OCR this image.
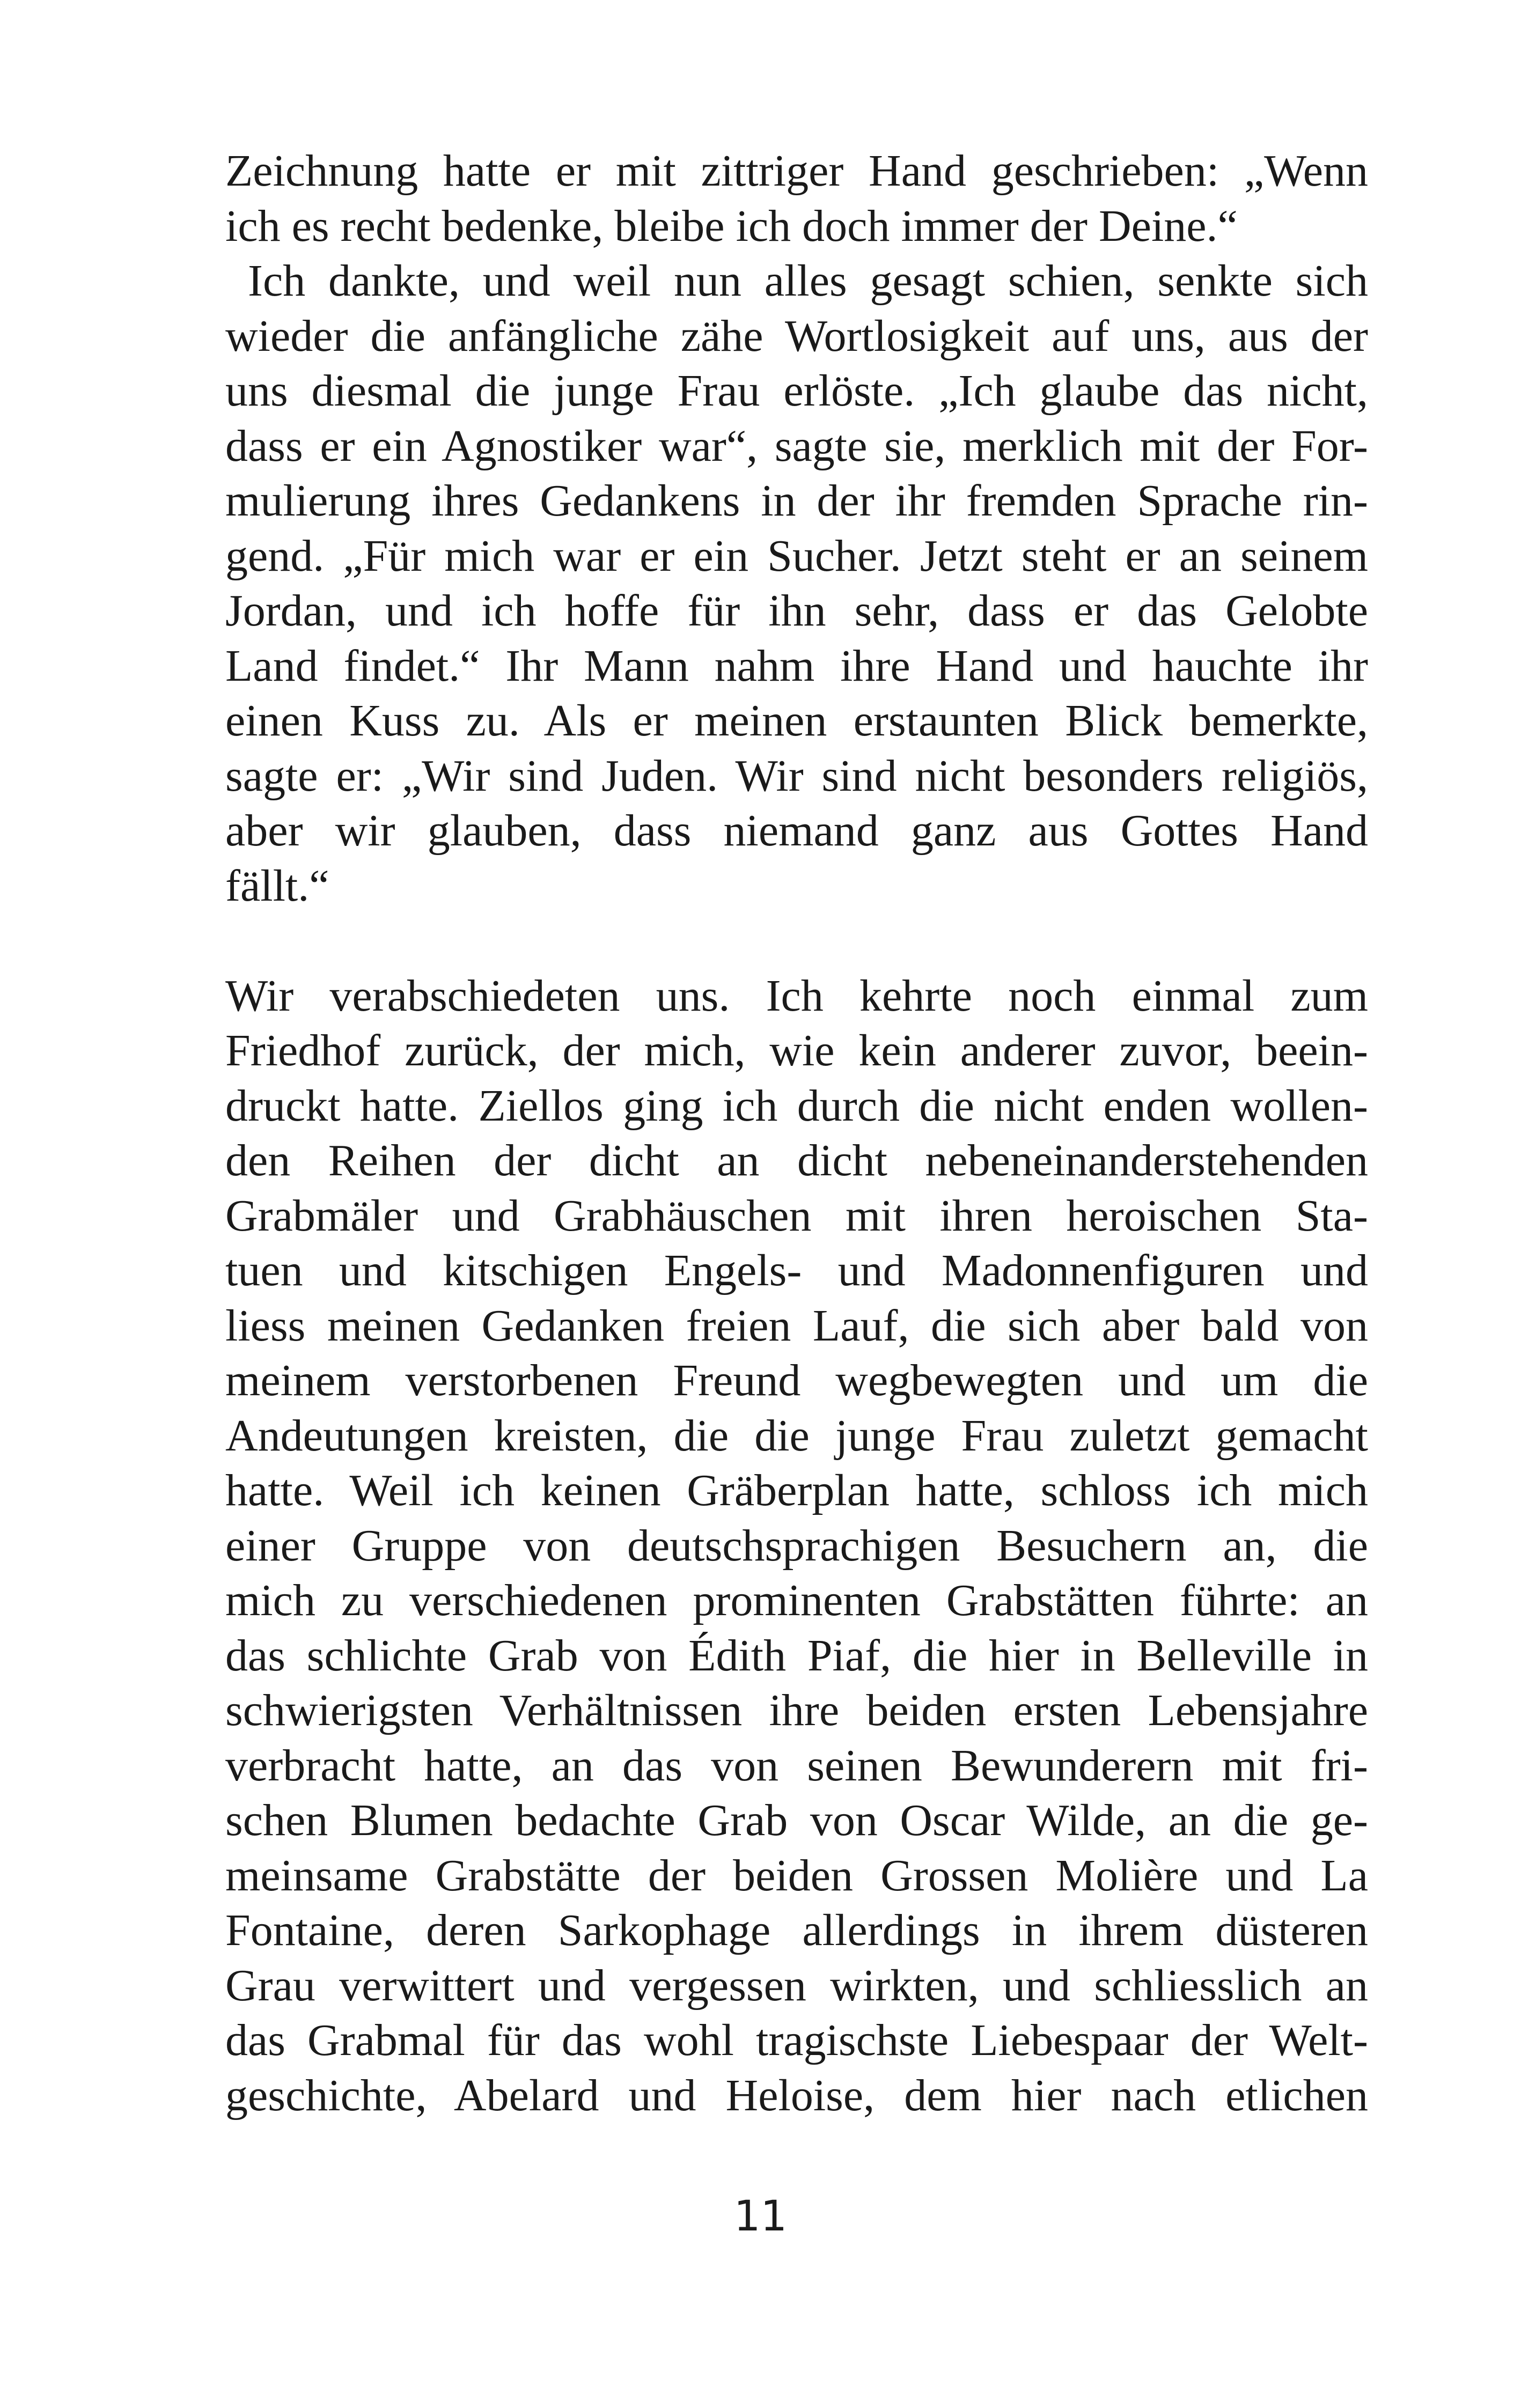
Zeichnung hatte er mit zittriger Hand geschrieben: „Wenn
ich es recht bedenke, bleibe ich doch immer der Deine.“
Ich dankte, und weil nun alles gesagt schien, senkte sich
wieder die anfängliche zähe Wortlosigkeit auf uns, aus der
uns diesmal die junge Frau erlöste. „Ich glaube das nicht,
dass er ein Agnostiker war“, sagte sie, merklich mit der For-
mulierung ihres Gedankens in der ihr fremden Sprache rin-
gend. „Für mich war er ein Sucher. Jetzt steht er an seinem
Jordan, und ich hoffe für ihn sehr, dass er das Gelobte
Land findet.“ Ihr Mann nahm ihre Hand und hauchte ihr
einen Kuss zu. Als er meinen erstaunten Blick bemerkte,
sagte er: „Wir sind Juden. Wir sind nicht besonders religiös,
aber wir glauben, dass niemand ganz aus Gottes Hand
fällt.“
Wir verabschiedeten uns. Ich kehrte noch einmal zum
Friedhof zurück, der mich, wie kein anderer zuvor, beein-
druckt hatte. Ziellos ging ich durch die nicht enden wollen-
den Reihen der dicht an dicht nebeneinanderstehenden
Grabmäler und Grabhäuschen mit ihren heroischen Sta-
tuen und kitschigen Engels- und Madonnenfiguren und
liess meinen Gedanken freien Lauf, die sich aber bald von
meinem verstorbenen Freund wegbewegten und um die
Andeutungen kreisten, die die junge Frau zuletzt gemacht
hatte. Weil ich keinen Gräberplan hatte, schloss ich mich
einer Gruppe von deutschsprachigen Besuchern an, die
mich zu verschiedenen prominenten Grabstätten führte: an
das schlichte Grab von Édith Piaf, die hier in Belleville in
schwierigsten Verhältnissen ihre beiden ersten Lebensjahre
verbracht hatte, an das von seinen Bewunderern mit fri-
schen Blumen bedachte Grab von Oscar Wilde, an die ge-
meinsame Grabstätte der beiden Grossen Molière und La
Fontaine, deren Sarkophage allerdings in ihrem düsteren
Grau verwittert und vergessen wirkten, und schliesslich an
das Grabmal für das wohl tragischste Liebespaar der Welt-
geschichte, Abelard und Heloise, dem hier nach etlichen
11
